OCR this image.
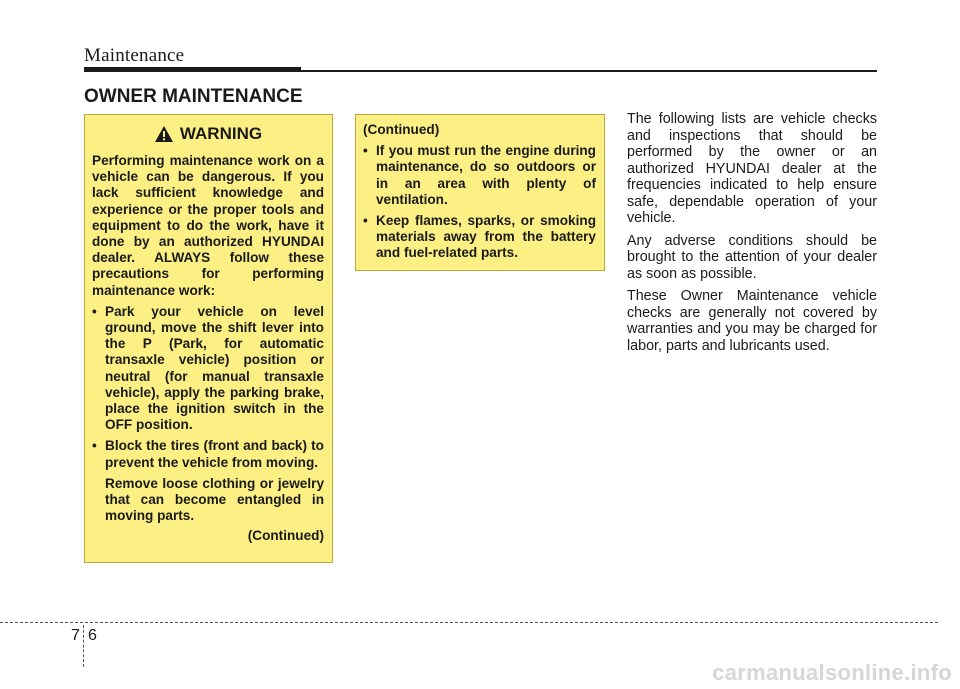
Maintenance
OWNER MAINTENANCE
WARNING

Performing maintenance work on a vehicle can be dangerous. If you lack sufficient knowledge and experience or the proper tools and equipment to do the work, have it done by an authorized HYUNDAI dealer. ALWAYS follow these precautions for performing maintenance work:

• Park your vehicle on level ground, move the shift lever into the P (Park, for automatic transaxle vehicle) position or neutral (for manual transaxle vehicle), apply the parking brake, place the ignition switch in the OFF position.
• Block the tires (front and back) to prevent the vehicle from moving.

Remove loose clothing or jewelry that can become entangled in moving parts.

(Continued)

(Continued)

• If you must run the engine during maintenance, do so outdoors or in an area with plenty of ventilation.
• Keep flames, sparks, or smoking materials away from the battery and fuel-related parts.

The following lists are vehicle checks and inspections that should be performed by the owner or an authorized HYUNDAI dealer at the frequencies indicated to help ensure safe, dependable operation of your vehicle.

Any adverse conditions should be brought to the attention of your dealer as soon as possible.

These Owner Maintenance vehicle checks are generally not covered by warranties and you may be charged for labor, parts and lubricants used.

7 6
carmanualsonline.info
